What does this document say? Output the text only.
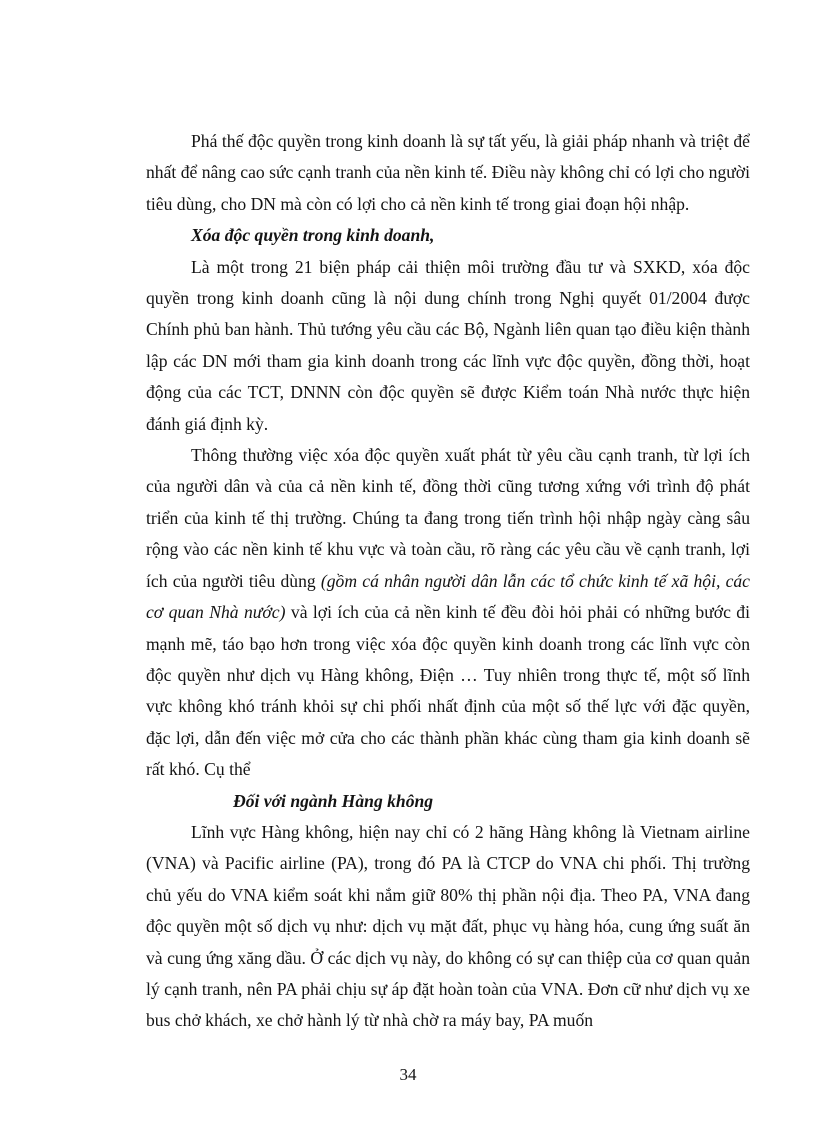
Phá thế độc quyền trong kinh doanh là sự tất yếu, là giải pháp nhanh và triệt để nhất để nâng cao sức cạnh tranh của nền kinh tế. Điều này không chỉ có lợi cho người tiêu dùng, cho DN mà còn có lợi cho cả nền kinh tế trong giai đoạn hội nhập.

Xóa độc quyền trong kinh doanh,

Là một trong 21 biện pháp cải thiện môi trường đầu tư và SXKD, xóa độc quyền trong kinh doanh cũng là nội dung chính trong Nghị quyết 01/2004 được Chính phủ ban hành. Thủ tướng yêu cầu các Bộ, Ngành liên quan tạo điều kiện thành lập các DN mới tham gia kinh doanh trong các lĩnh vực độc quyền, đồng thời, hoạt động của các TCT, DNNN còn độc quyền sẽ được Kiểm toán Nhà nước thực hiện đánh giá định kỳ.

Thông thường việc xóa độc quyền xuất phát từ yêu cầu cạnh tranh, từ lợi ích của người dân và của cả nền kinh tế, đồng thời cũng tương xứng với trình độ phát triển của kinh tế thị trường. Chúng ta đang trong tiến trình hội nhập ngày càng sâu rộng vào các nền kinh tế khu vực và toàn cầu, rõ ràng các yêu cầu về cạnh tranh, lợi ích của người tiêu dùng (gồm cá nhân người dân lẫn các tổ chức kinh tế xã hội, các cơ quan Nhà nước) và lợi ích của cả nền kinh tế đều đòi hỏi phải có những bước đi mạnh mẽ, táo bạo hơn trong việc xóa độc quyền kinh doanh trong các lĩnh vực còn độc quyền như dịch vụ Hàng không, Điện … Tuy nhiên trong thực tế, một số lĩnh vực không khó tránh khỏi sự chi phối nhất định của một số thế lực với đặc quyền, đặc lợi, dẫn đến việc mở cửa cho các thành phần khác cùng tham gia kinh doanh sẽ rất khó. Cụ thể

Đối với ngành Hàng không

Lĩnh vực Hàng không, hiện nay chỉ có 2 hãng Hàng không là Vietnam airline (VNA) và Pacific airline (PA), trong đó PA là CTCP do VNA chi phối. Thị trường chủ yếu do VNA kiểm soát khi nắm giữ 80% thị phần nội địa. Theo PA, VNA đang độc quyền một số dịch vụ như: dịch vụ mặt đất, phục vụ hàng hóa, cung ứng suất ăn và cung ứng xăng dầu. Ở các dịch vụ này, do không có sự can thiệp của cơ quan quản lý cạnh tranh, nên PA phải chịu sự áp đặt hoàn toàn của VNA. Đơn cữ như dịch vụ xe bus chở khách, xe chở hành lý từ nhà chờ ra máy bay, PA muốn

34
